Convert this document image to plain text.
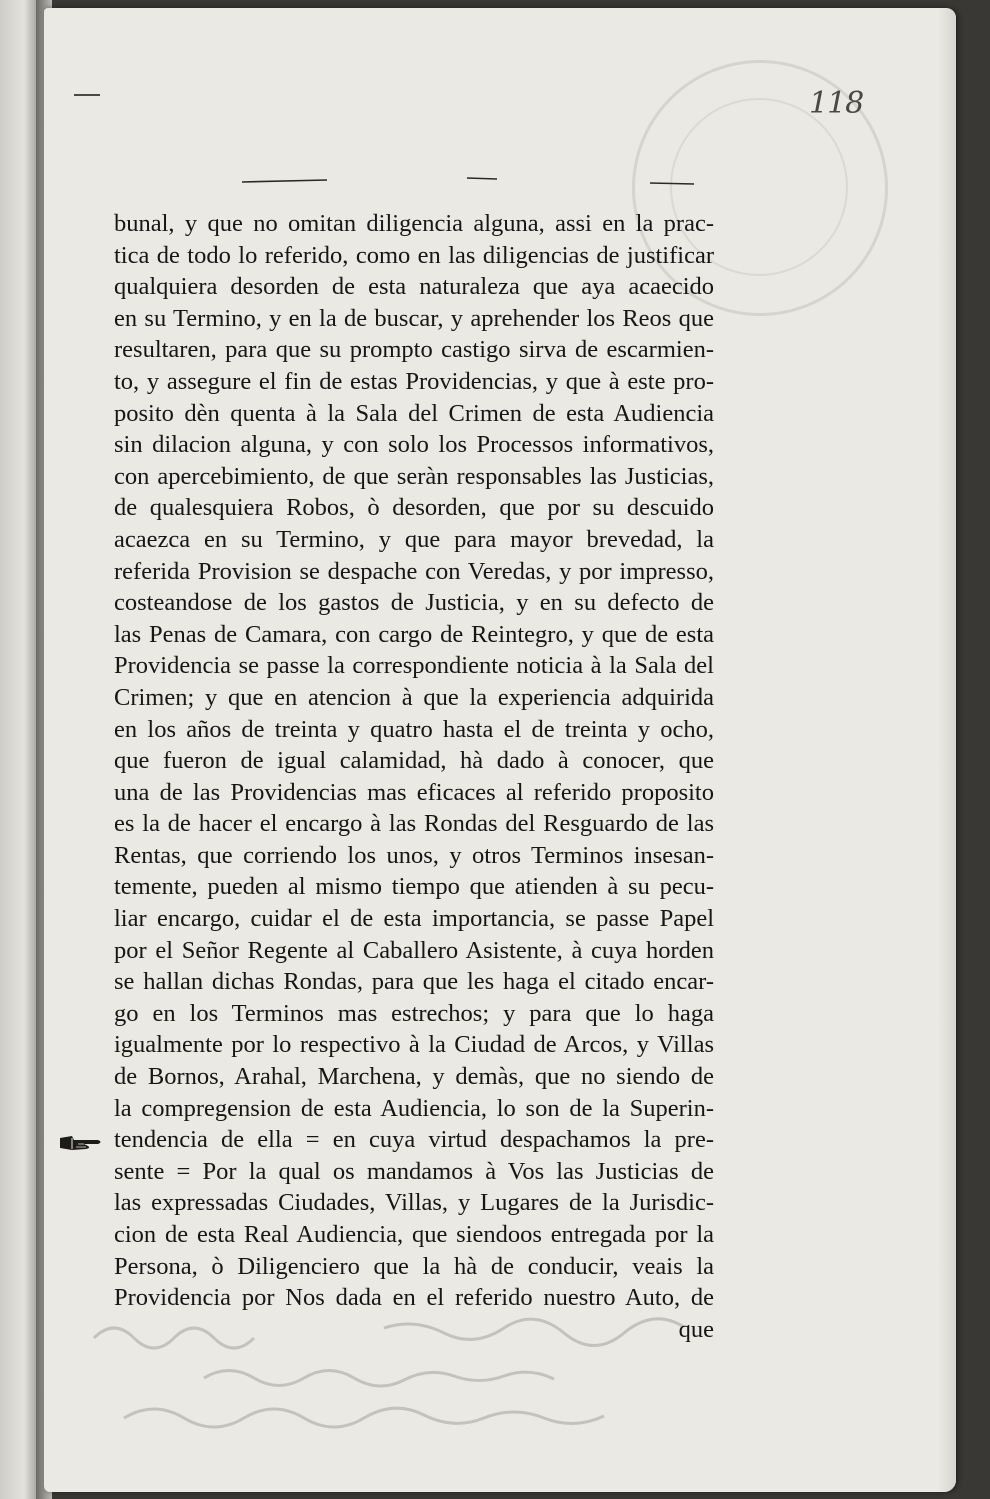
118
bunal, y que no omitan diligencia alguna, assi en la prac-
tica de todo lo referido, como en las diligencias de justificar
qualquiera desorden de esta naturaleza que aya acaecido
en su Termino, y en la de buscar, y aprehender los Reos que
resultaren, para que su prompto castigo sirva de escarmien-
to, y assegure el fin de estas Providencias, y que à este pro-
posito dèn quenta à la Sala del Crimen de esta Audiencia
sin dilacion alguna, y con solo los Processos informativos,
con apercebimiento, de que seràn responsables las Justicias,
de qualesquiera Robos, ò desorden, que por su descuido
acaezca en su Termino, y que para mayor brevedad, la
referida Provision se despache con Veredas, y por impresso,
costeandose de los gastos de Justicia, y en su defecto de
las Penas de Camara, con cargo de Reintegro, y que de esta
Providencia se passe la correspondiente noticia à la Sala del
Crimen; y que en atencion à que la experiencia adquirida
en los años de treinta y quatro hasta el de treinta y ocho,
que fueron de igual calamidad, hà dado à conocer, que
una de las Providencias mas eficaces al referido proposito
es la de hacer el encargo à las Rondas del Resguardo de las
Rentas, que corriendo los unos, y otros Terminos insesan-
temente, pueden al mismo tiempo que atienden à su pecu-
liar encargo, cuidar el de esta importancia, se passe Papel
por el Señor Regente al Caballero Asistente, à cuya horden
se hallan dichas Rondas, para que les haga el citado encar-
go en los Terminos mas estrechos; y para que lo haga
igualmente por lo respectivo à la Ciudad de Arcos, y Villas
de Bornos, Arahal, Marchena, y demàs, que no siendo de
la compregension de esta Audiencia, lo son de la Superin-
tendencia de ella = en cuya virtud despachamos la pre-
sente = Por la qual os mandamos à Vos las Justicias de
las expressadas Ciudades, Villas, y Lugares de la Jurisdic-
cion de esta Real Audiencia, que siendoos entregada por la
Persona, ò Diligenciero que la hà de conducir, veais la
Providencia por Nos dada en el referido nuestro Auto, de
que
